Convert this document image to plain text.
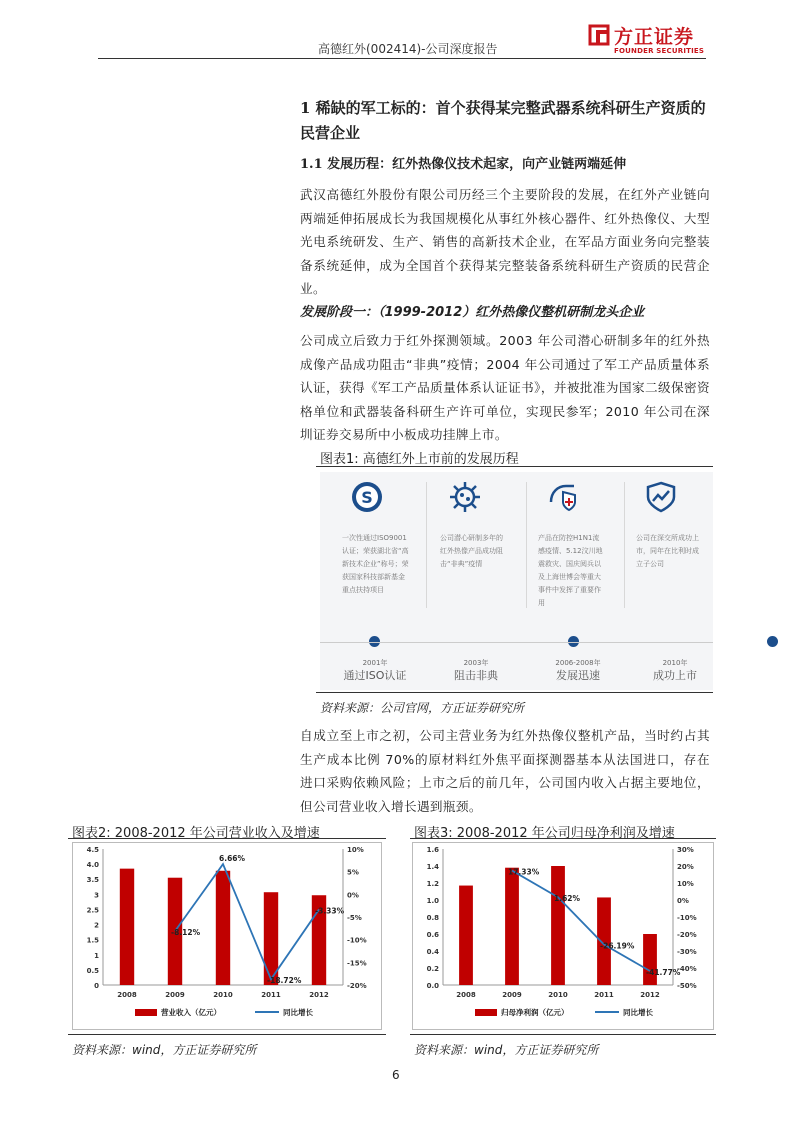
高德红外(002414)-公司深度报告
方正证券
FOUNDER SECURITIES
1 稀缺的军工标的：首个获得某完整武器系统科研生产资质的民营企业
1.1 发展历程：红外热像仪技术起家，向产业链两端延伸
武汉高德红外股份有限公司历经三个主要阶段的发展，在红外产业链向两端延伸拓展成长为我国规模化从事红外核心器件、红外热像仪、大型光电系统研发、生产、销售的高新技术企业，在军品方面业务向完整装备系统延伸，成为全国首个获得某完整装备系统科研生产资质的民营企业。
发展阶段一：（1999-2012）红外热像仪整机研制龙头企业
公司成立后致力于红外探测领域。2003 年公司潜心研制多年的红外热成像产品成功阻击“非典”疫情；2004 年公司通过了军工产品质量体系认证，获得《军工产品质量体系认证证书》，并被批准为国家二级保密资格单位和武器装备科研生产许可单位，实现民参军；2010 年公司在深圳证券交易所中小板成功挂牌上市。
图表1: 高德红外上市前的发展历程
S
一次性通过ISO9001认证；荣获湖北省“高新技术企业”称号；荣获国家科技部新基金重点扶持项目
2001年
通过ISO认证
公司潜心研制多年的红外热像产品成功阻击“非典”疫情
2003年
阻击非典
产品在防控H1N1流感疫情、5.12汶川地震救灾、国庆阅兵以及上海世博会等重大事件中发挥了重要作用
2006-2008年
发展迅速
公司在深交所成功上市，同年在比利时成立子公司
2010年
成功上市
资料来源：公司官网，方正证券研究所
自成立至上市之初，公司主营业务为红外热像仪整机产品，当时约占其生产成本比例 70%的原材料红外焦平面探测器基本从法国进口，存在进口采购依赖风险；上市之后的前几年，公司国内收入占据主要地位，但公司营业收入增长遇到瓶颈。
图表2: 2008-2012 年公司营业收入及增速
0
0.5
1
1.5
2
2.5
3
3.5
4.0
4.5
-20%
-15%
-10%
-5%
0%
5%
10%
2008	2009	2010	2011	2012
-8.12%
6.66%
-18.72%
-3.33%
营业收入（亿元）	同比增长
资料来源：wind，方正证券研究所
图表3: 2008-2012 年公司归母净利润及增速
0.0
0.2
0.4
0.6
0.8
1.0
1.2
1.4
1.6
-50%
-40%
-30%
-20%
-10%
0%
10%
20%
30%
2008	2009	2010	2011	2012
17.33%
1.62%
-26.19%
-41.77%
归母净利润（亿元）	同比增长
资料来源：wind，方正证券研究所
6
